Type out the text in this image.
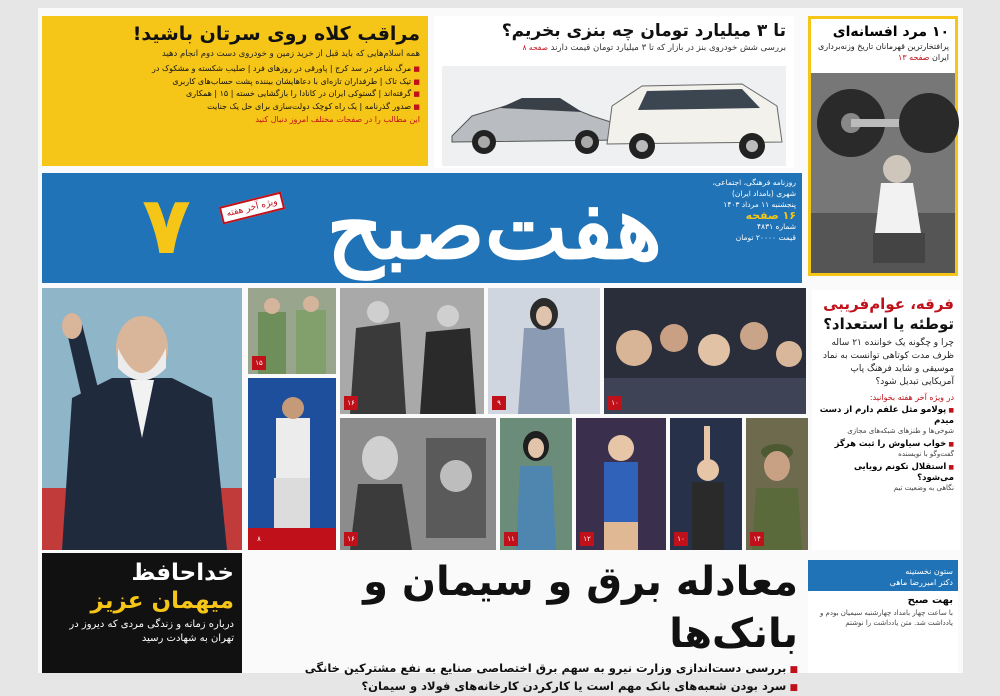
مراقب کلاه روی سرتان باشید!
همه اسلام‌هایی که باید قبل از خرید زمین و خودروی دست دوم انجام دهید
■ مرگ شاعر در سد کرج | پاورقی در روزهای فرد | صلیب شکسته و مشکوک در
■ تیک تاک | طرفداران تازه‌ای با دعاهایشان بیننده پشت حساب‌های کاربری
■ گرفته‌اند | گستوکی ایران در کانادا را بازگشایی خسته | ۱۵ | همکاری
■ صدور گذرنامه | یک راه کوچک دولت‌سازی برای حل یک جنایت
این مطالب را در صفحات مختلف امروز دنبال کنید
تا ۳ میلیارد تومان چه بنزی بخریم؟
بررسی شش خودروی بنز در بازار که تا ۳ میلیارد تومان قیمت دارند صفحه ۸
۱۰ مرد افسانه‌ای
پرافتخارترین قهرمانان تاریخ وزنه‌برداری ایران صفحه ۱۳
هفت‌صبح
۷	ویژه آخر هفته
روزنامه فرهنگی، اجتماعی،
شهری (بامداد ایران)
پنجشنبه ۱۱ مرداد ۱۴۰۳
۱۶ صفحه
شماره ۴۸۳۱
قیمت ۲۰۰۰۰ تومان
۱۵
۱۶	۹	۱۰
۸	۱۶	۱۱	۱۲	۱۰	۱۴
فرقه، عوام‌فریبی
توطئه یا استعداد؟
چرا و چگونه یک خواننده ۲۱ ساله ظرف مدت کوتاهی توانست به نماد موسیقی و شاید فرهنگ پاپ آمریکایی تبدیل شود؟
در ویژه آخر هفته بخوانید:
■ پولامو مثل علفم دارم از دست میدم
شوخی‌ها و طنزهای شبکه‌های مجازی
■ خواب سیاوش را ثبت هرگز
گفت‌وگو با نویسنده
■ استقلال تکونم رویایی می‌شود؟
نگاهی به وضعیت تیم
خداحافظ
میهمان عزیز
درباره زمانه و زندگی مردی که دیروز در تهران به شهادت رسید
معادله برق و سیمان و بانک‌ها

■ بررسی دست‌اندازی وزارت نیرو به سهم برق اختصاصی صنایع به نفع مشترکین خانگی

■ سرد بودن شعبه‌های بانک مهم است یا کارکردن کارخانه‌های فولاد و سیمان؟

ستون نخستینه
دکتر امیررضا ماهی
بهت صبح
با ساعت چهار بامداد چهارشنبه سیمیان بودم و یادداشت شد. متن یادداشت را نوشتم
